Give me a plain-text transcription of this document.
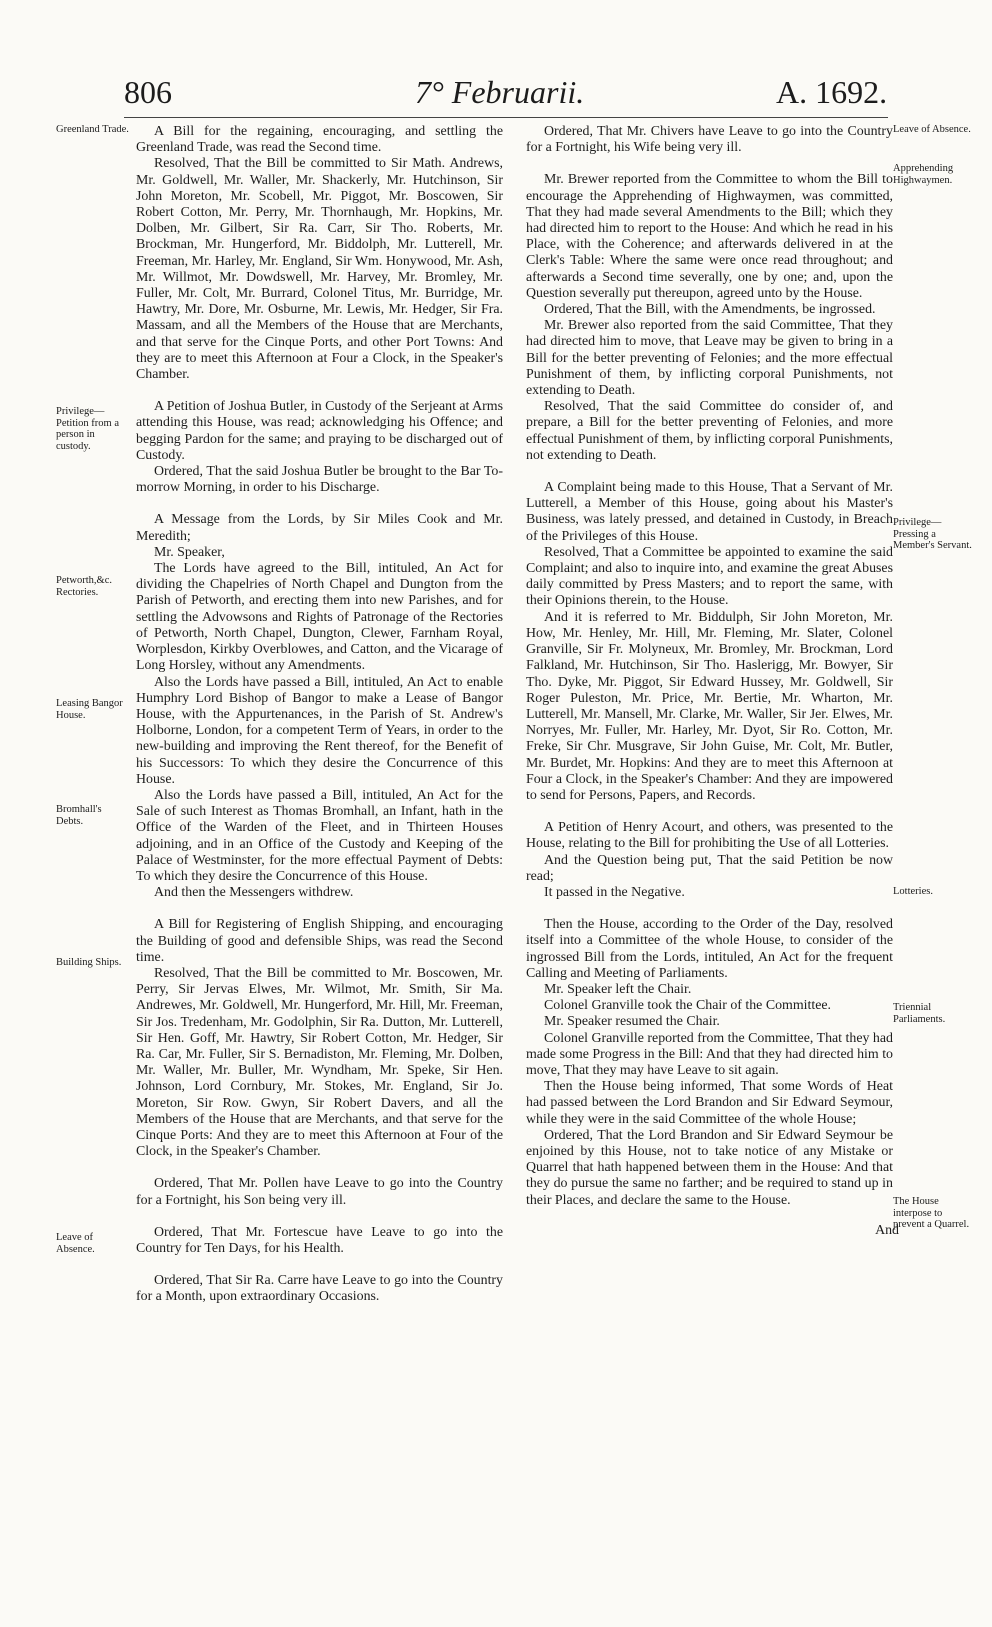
806	7° Februarii.	A. 1692.
Greenland Trade.
Privilege—Petition from a person in custody.
Petworth,&c. Rectories.
Leasing Bangor House.
Bromhall's Debts.
Building Ships.
Leave of Absence.
Leave of Absence.
Apprehending Highwaymen.
Privilege—Pressing a Member's Servant.
Lotteries.
Triennial Parliaments.
The House interpose to prevent a Quarrel.

A Bill for the regaining, encouraging, and settling the Greenland Trade, was read the Second time.

Resolved, That the Bill be committed to Sir Math. Andrews, Mr. Goldwell, Mr. Waller, Mr. Shackerly, Mr. Hutchinson, Sir John Moreton, Mr. Scobell, Mr. Piggot, Mr. Boscowen, Sir Robert Cotton, Mr. Perry, Mr. Thornhaugh, Mr. Hopkins, Mr. Dolben, Mr. Gilbert, Sir Ra. Carr, Sir Tho. Roberts, Mr. Brockman, Mr. Hungerford, Mr. Biddolph, Mr. Lutterell, Mr. Freeman, Mr. Harley, Mr. England, Sir Wm. Honywood, Mr. Ash, Mr. Willmot, Mr. Dowdswell, Mr. Harvey, Mr. Bromley, Mr. Fuller, Mr. Colt, Mr. Burrard, Colonel Titus, Mr. Burridge, Mr. Hawtry, Mr. Dore, Mr. Osburne, Mr. Lewis, Mr. Hedger, Sir Fra. Massam, and all the Members of the House that are Merchants, and that serve for the Cinque Ports, and other Port Towns: And they are to meet this Afternoon at Four a Clock, in the Speaker's Chamber.

A Petition of Joshua Butler, in Custody of the Serjeant at Arms attending this House, was read; acknowledging his Offence; and begging Pardon for the same; and praying to be discharged out of Custody.

Ordered, That the said Joshua Butler be brought to the Bar To-morrow Morning, in order to his Discharge.

A Message from the Lords, by Sir Miles Cook and Mr. Meredith;

Mr. Speaker,

The Lords have agreed to the Bill, intituled, An Act for dividing the Chapelries of North Chapel and Dungton from the Parish of Petworth, and erecting them into new Parishes, and for settling the Advowsons and Rights of Patronage of the Rectories of Petworth, North Chapel, Dungton, Clewer, Farnham Royal, Worplesdon, Kirkby Overblowes, and Catton, and the Vicarage of Long Horsley, without any Amendments.

Also the Lords have passed a Bill, intituled, An Act to enable Humphry Lord Bishop of Bangor to make a Lease of Bangor House, with the Appurtenances, in the Parish of St. Andrew's Holborne, London, for a competent Term of Years, in order to the new-building and improving the Rent thereof, for the Benefit of his Successors: To which they desire the Concurrence of this House.

Also the Lords have passed a Bill, intituled, An Act for the Sale of such Interest as Thomas Bromhall, an Infant, hath in the Office of the Warden of the Fleet, and in Thirteen Houses adjoining, and in an Office of the Custody and Keeping of the Palace of Westminster, for the more effectual Payment of Debts: To which they desire the Concurrence of this House.

And then the Messengers withdrew.

A Bill for Registering of English Shipping, and encouraging the Building of good and defensible Ships, was read the Second time.

Resolved, That the Bill be committed to Mr. Boscowen, Mr. Perry, Sir Jervas Elwes, Mr. Wilmot, Mr. Smith, Sir Ma. Andrewes, Mr. Goldwell, Mr. Hungerford, Mr. Hill, Mr. Freeman, Sir Jos. Tredenham, Mr. Godolphin, Sir Ra. Dutton, Mr. Lutterell, Sir Hen. Goff, Mr. Hawtry, Sir Robert Cotton, Mr. Hedger, Sir Ra. Car, Mr. Fuller, Sir S. Bernadiston, Mr. Fleming, Mr. Dolben, Mr. Waller, Mr. Buller, Mr. Wyndham, Mr. Speke, Sir Hen. Johnson, Lord Cornbury, Mr. Stokes, Mr. England, Sir Jo. Moreton, Sir Row. Gwyn, Sir Robert Davers, and all the Members of the House that are Merchants, and that serve for the Cinque Ports: And they are to meet this Afternoon at Four of the Clock, in the Speaker's Chamber.

Ordered, That Mr. Pollen have Leave to go into the Country for a Fortnight, his Son being very ill.

Ordered, That Mr. Fortescue have Leave to go into the Country for Ten Days, for his Health.

Ordered, That Sir Ra. Carre have Leave to go into the Country for a Month, upon extraordinary Occasions.

Ordered, That Mr. Chivers have Leave to go into the Country for a Fortnight, his Wife being very ill.

Mr. Brewer reported from the Committee to whom the Bill to encourage the Apprehending of Highwaymen, was committed, That they had made several Amendments to the Bill; which they had directed him to report to the House: And which he read in his Place, with the Coherence; and afterwards delivered in at the Clerk's Table: Where the same were once read throughout; and afterwards a Second time severally, one by one; and, upon the Question severally put thereupon, agreed unto by the House.

Ordered, That the Bill, with the Amendments, be ingrossed.

Mr. Brewer also reported from the said Committee, That they had directed him to move, that Leave may be given to bring in a Bill for the better preventing of Felonies; and the more effectual Punishment of them, by inflicting corporal Punishments, not extending to Death.

Resolved, That the said Committee do consider of, and prepare, a Bill for the better preventing of Felonies, and more effectual Punishment of them, by inflicting corporal Punishments, not extending to Death.

A Complaint being made to this House, That a Servant of Mr. Lutterell, a Member of this House, going about his Master's Business, was lately pressed, and detained in Custody, in Breach of the Privileges of this House.

Resolved, That a Committee be appointed to examine the said Complaint; and also to inquire into, and examine the great Abuses daily committed by Press Masters; and to report the same, with their Opinions therein, to the House.

And it is referred to Mr. Biddulph, Sir John Moreton, Mr. How, Mr. Henley, Mr. Hill, Mr. Fleming, Mr. Slater, Colonel Granville, Sir Fr. Molyneux, Mr. Bromley, Mr. Brockman, Lord Falkland, Mr. Hutchinson, Sir Tho. Haslerigg, Mr. Bowyer, Sir Tho. Dyke, Mr. Piggot, Sir Edward Hussey, Mr. Goldwell, Sir Roger Puleston, Mr. Price, Mr. Bertie, Mr. Wharton, Mr. Lutterell, Mr. Mansell, Mr. Clarke, Mr. Waller, Sir Jer. Elwes, Mr. Norryes, Mr. Fuller, Mr. Harley, Mr. Dyot, Sir Ro. Cotton, Mr. Freke, Sir Chr. Musgrave, Sir John Guise, Mr. Colt, Mr. Butler, Mr. Burdet, Mr. Hopkins: And they are to meet this Afternoon at Four a Clock, in the Speaker's Chamber: And they are impowered to send for Persons, Papers, and Records.

A Petition of Henry Acourt, and others, was presented to the House, relating to the Bill for prohibiting the Use of all Lotteries.

And the Question being put, That the said Petition be now read;

It passed in the Negative.

Then the House, according to the Order of the Day, resolved itself into a Committee of the whole House, to consider of the ingrossed Bill from the Lords, intituled, An Act for the frequent Calling and Meeting of Parliaments.

Mr. Speaker left the Chair.

Colonel Granville took the Chair of the Committee.

Mr. Speaker resumed the Chair.

Colonel Granville reported from the Committee, That they had made some Progress in the Bill: And that they had directed him to move, That they may have Leave to sit again.

Then the House being informed, That some Words of Heat had passed between the Lord Brandon and Sir Edward Seymour, while they were in the said Committee of the whole House;

Ordered, That the Lord Brandon and Sir Edward Seymour be enjoined by this House, not to take notice of any Mistake or Quarrel that hath happened between them in the House: And that they do pursue the same no farther; and be required to stand up in their Places, and declare the same to the House.

And
